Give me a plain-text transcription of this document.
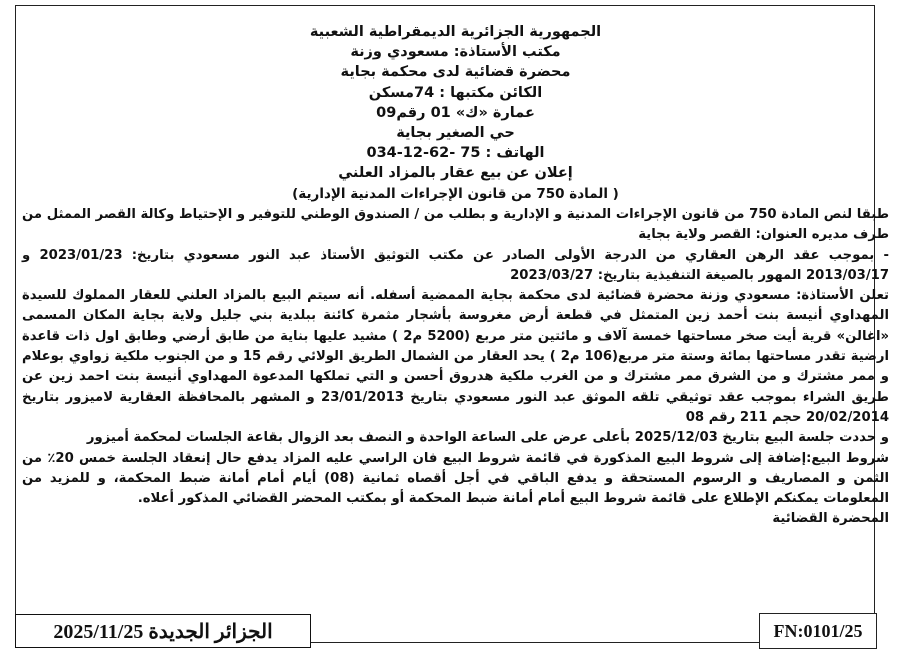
الجمهورية الجزائرية الديمقراطية الشعبية
مكتب الأستاذة: مسعودي وزنة
محضرة قضائية لدى محكمة بجاية
الكائن مكتبها : 74مسكن
عمارة «ك» 01 رقم09
حي الصغير بجاية
الهاتف : 75 -62-12-034
إعلان عن بيع عقار بالمزاد العلني
( المادة 750 من قانون الإجراءات المدنية الإدارية)

طبقا لنص المادة 750 من قانون الإجراءات المدنية و الإدارية و بطلب من / الصندوق الوطني للتوفير و الإحتياط وكالة القصر الممثل من طرف مديره العنوان: القصر ولاية بجاية

- بموجب عقد الرهن العقاري من الدرجة الأولى الصادر عن مكتب التوثيق الأستاذ عبد النور مسعودي بتاريخ: 2023/01/23 و 2013/03/17 المهور بالصيغة التنفيذية بتاريخ: 2023/03/27

تعلن الأستاذة: مسعودي وزنة محضرة قضائية لدى محكمة بجاية الممضية أسفله. أنه سيتم البيع بالمزاد العلني للعقار المملوك للسيدة المهداوي أنيسة بنت أحمد زين المتمثل في قطعة أرض مغروسة بأشجار مثمرة كائنة ببلدية بني جليل ولاية بجاية المكان المسمى «اغالن» قرية أيت صخر مساحتها خمسة آلاف و مائتين متر مربع (5200 م2 ) مشيد عليها بناية من طابق أرضي وطابق اول ذات قاعدة ارضية تقدر مساحتها بمائة وستة متر مربع(106 م2 ) يحد العقار من الشمال الطريق الولائي رقم 15 و من الجنوب ملكية زواوي بوعلام و ممر مشترك و من الشرق ممر مشترك و من الغرب ملكية هدروق أحسن و التي تملكها المدعوة المهداوي أنيسة بنت احمد زين عن طريق الشراء بموجب عقد توثيقي تلقه الموثق عبد النور مسعودي بتاريخ 23/01/2013 و المشهر بالمحافظة العقارية لاميزور بتاريخ 20/02/2014 حجم 211 رقم 08

و حددت جلسة البيع بتاريخ 2025/12/03 بأعلى عرض على الساعة الواحدة و النصف بعد الزوال بقاعة الجلسات لمحكمة أميزور

شروط البيع:إضافة إلى شروط البيع المذكورة في قائمة شروط البيع فان الراسي عليه المزاد يدفع حال إنعقاد الجلسة خمس 20٪ من الثمن و المصاريف و الرسوم المستحقة و يدفع الباقي في أجل أقصاه ثمانية (08) أيام أمام أمانة ضبط المحكمة، و للمزيد من المعلومات يمكنكم الإطلاع على قائمة شروط البيع أمام أمانة ضبط المحكمة أو بمكتب المحضر القضائي المذكور أعلاه.

المحضرة القضائية

الجزائر الجديدة 2025/11/25	FN:0101/25
